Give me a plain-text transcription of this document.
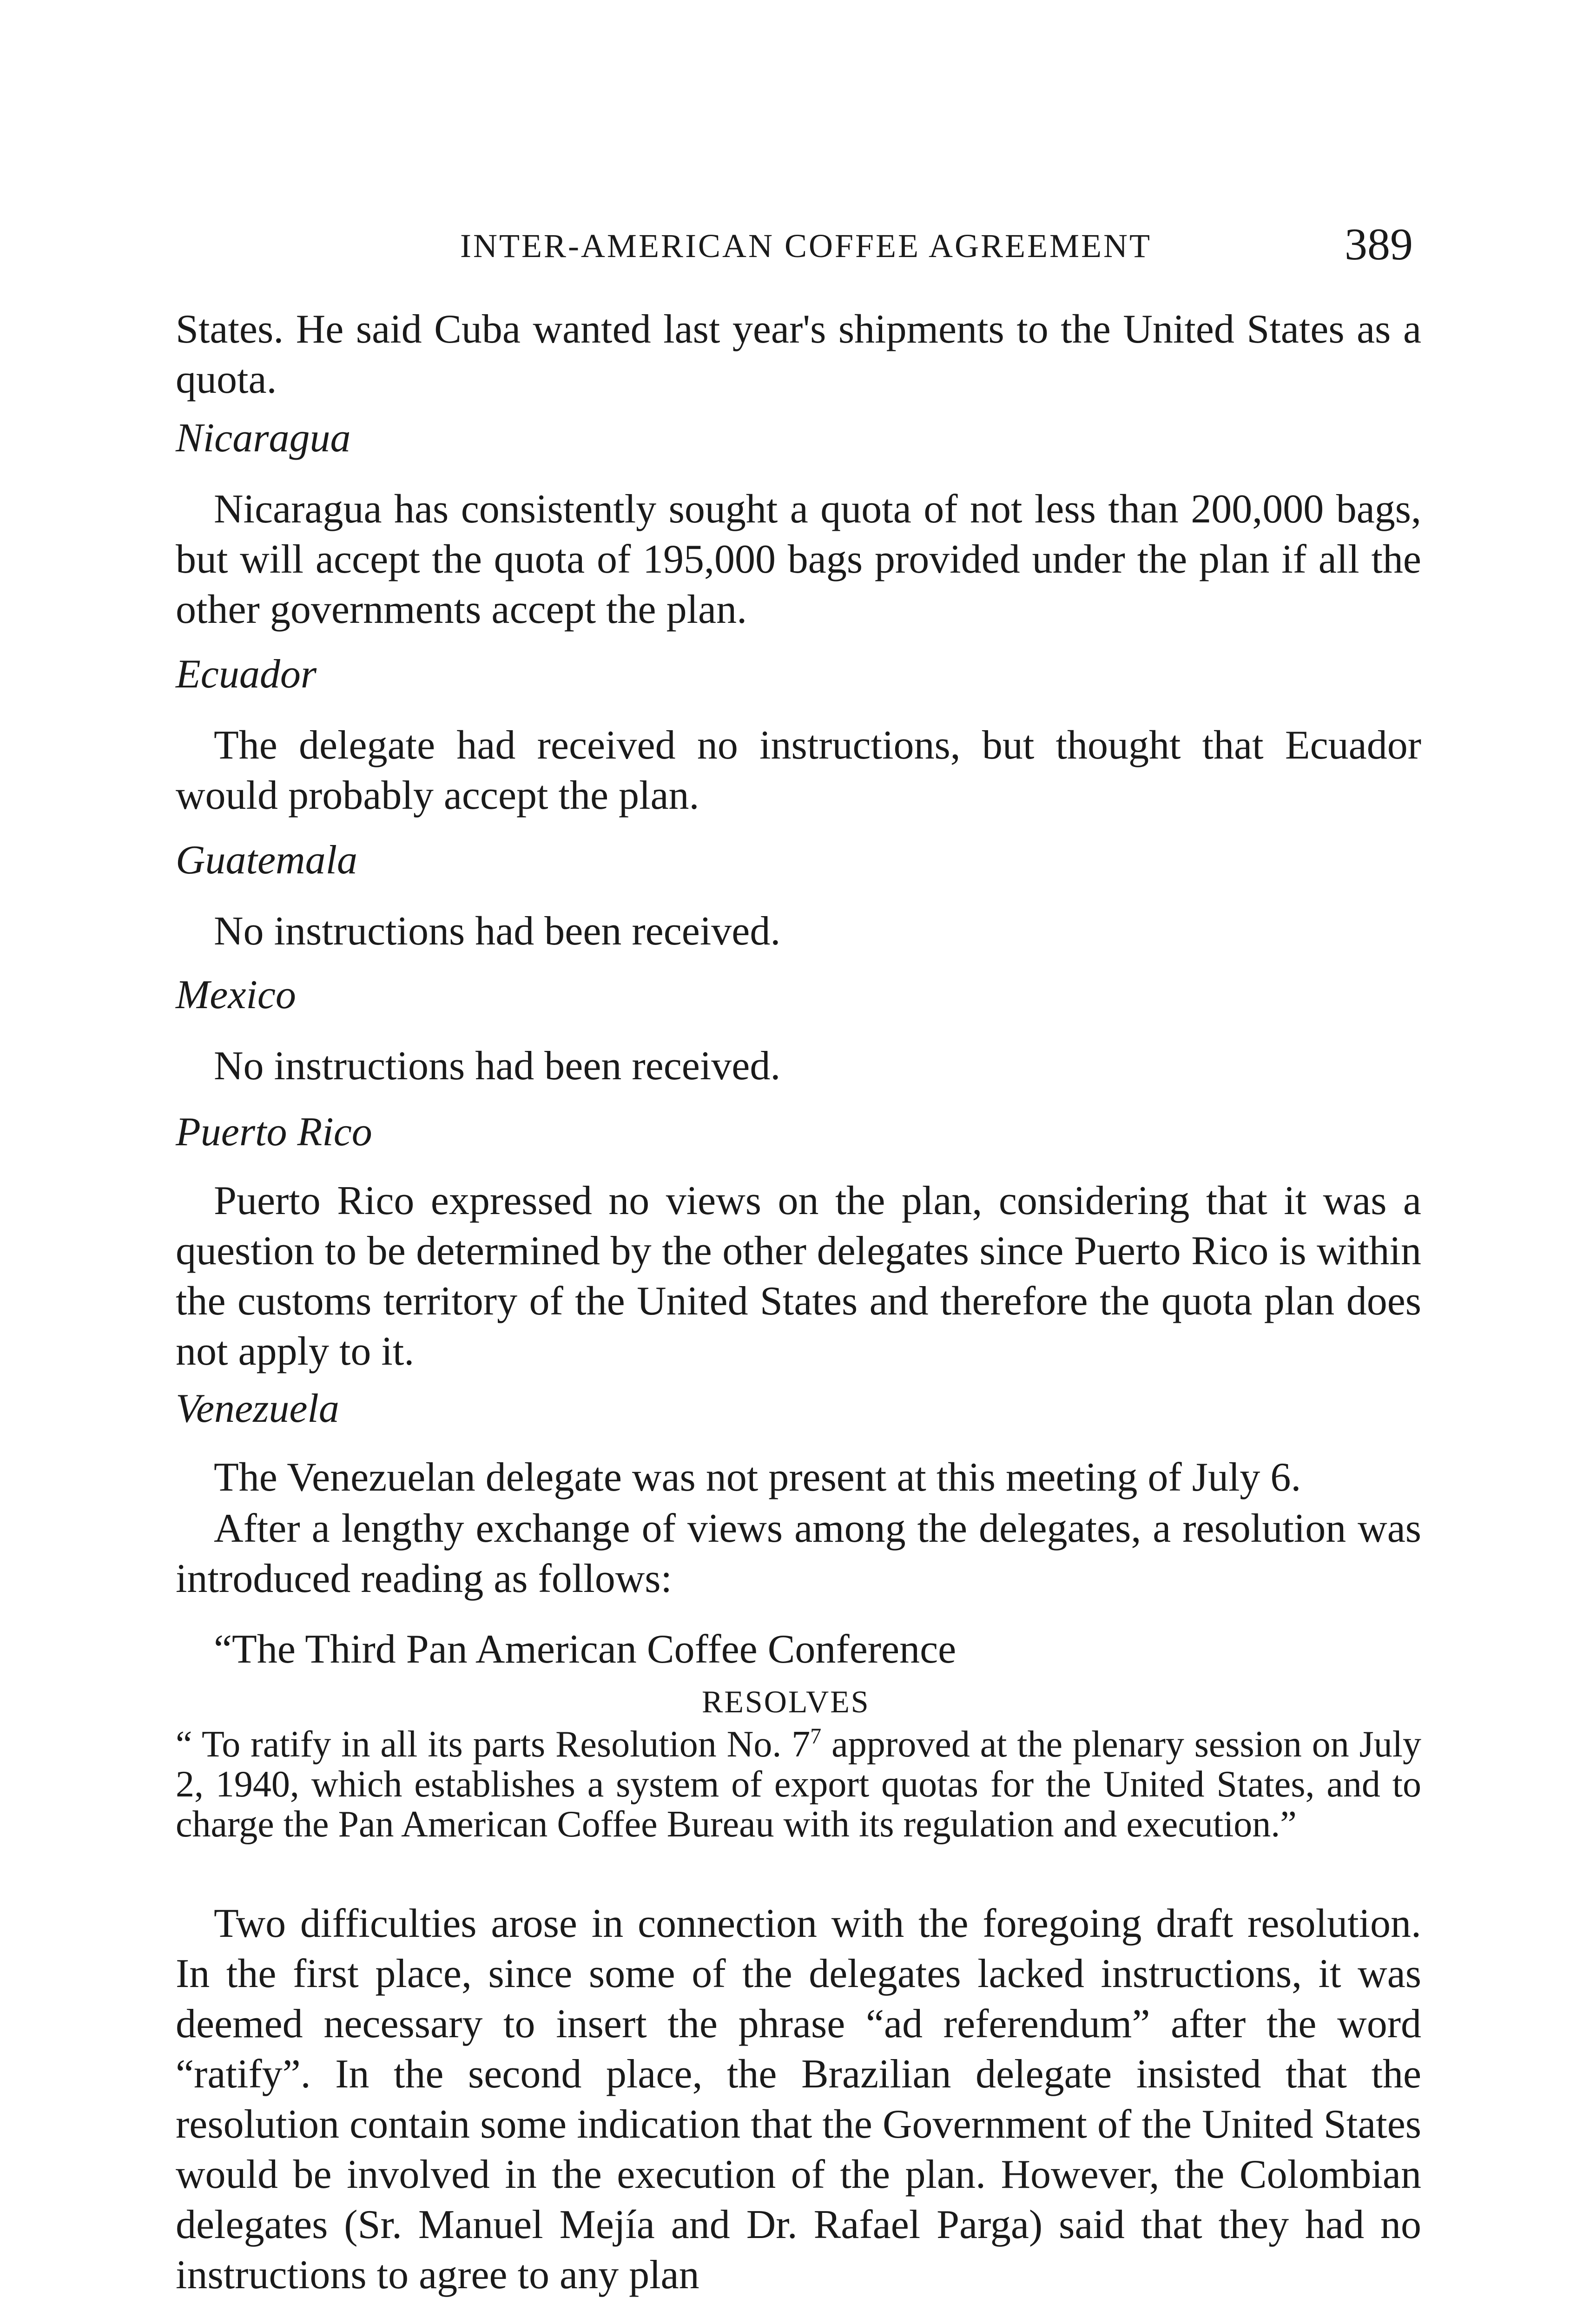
INTER-AMERICAN COFFEE AGREEMENT	389
States. He said Cuba wanted last year's shipments to the United States as a quota.
Nicaragua
Nicaragua has consistently sought a quota of not less than 200,000 bags, but will accept the quota of 195,000 bags provided under the plan if all the other governments accept the plan.
Ecuador
The delegate had received no instructions, but thought that Ecuador would probably accept the plan.
Guatemala
No instructions had been received.
Mexico
No instructions had been received.
Puerto Rico
Puerto Rico expressed no views on the plan, considering that it was a question to be determined by the other delegates since Puerto Rico is within the customs territory of the United States and therefore the quota plan does not apply to it.
Venezuela
The Venezuelan delegate was not present at this meeting of July 6.
After a lengthy exchange of views among the delegates, a resolution was introduced reading as follows:
“The Third Pan American Coffee Conference
RESOLVES
“ To ratify in all its parts Resolution No. $7^7$ approved at the plenary session on July 2, 1940, which establishes a system of export quotas for the United States, and to charge the Pan American Coffee Bureau with its regulation and execution.”
Two difficulties arose in connection with the foregoing draft resolution. In the first place, since some of the delegates lacked instructions, it was deemed necessary to insert the phrase “ad referendum” after the word “ratify”. In the second place, the Brazilian delegate insisted that the resolution contain some indication that the Government of the United States would be involved in the execution of the plan. However, the Colombian delegates (Sr. Manuel Mejía and Dr. Rafael Parga) said that they had no instructions to agree to any plan
